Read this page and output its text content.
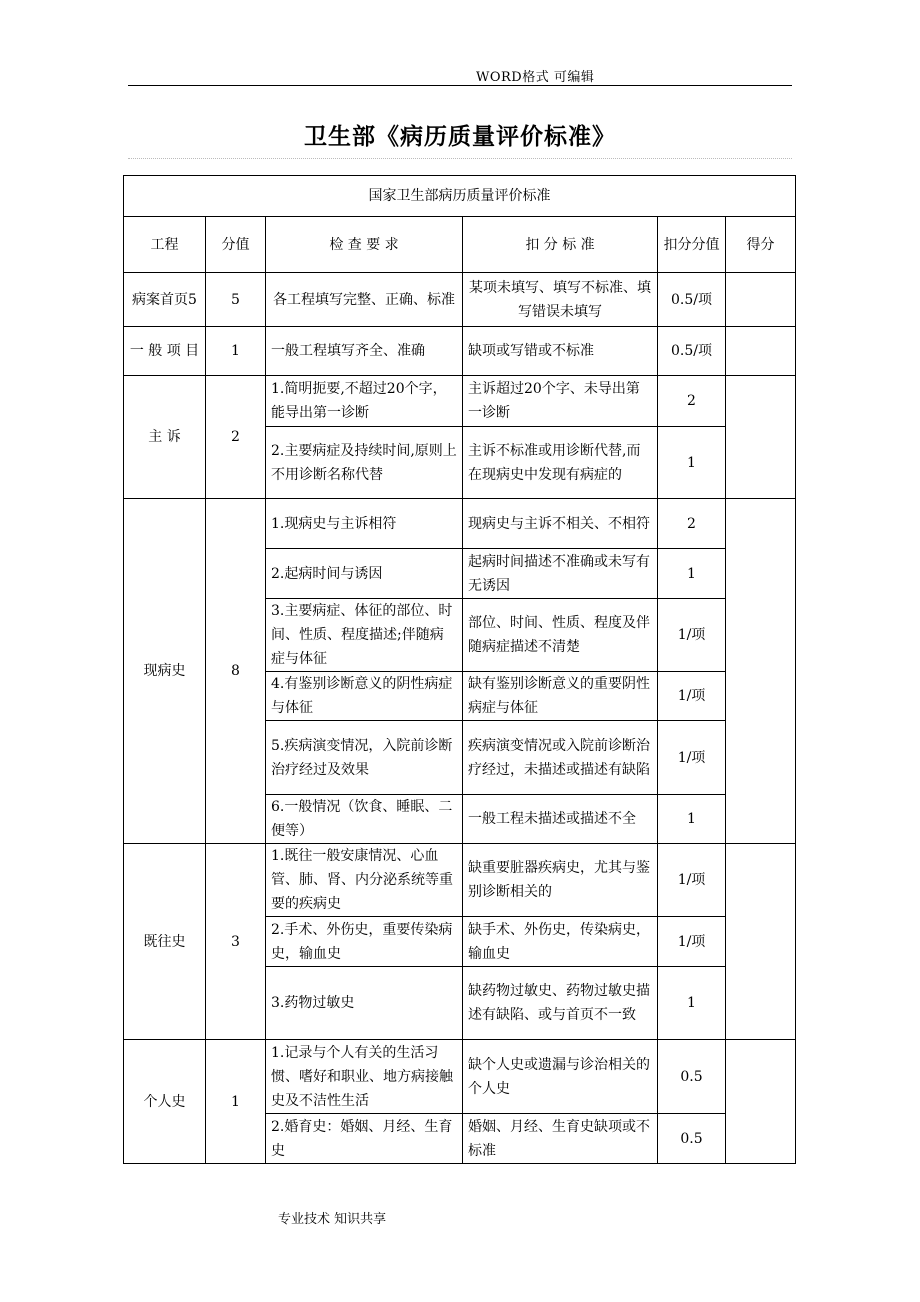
WORD格式 可编辑
卫生部《病历质量评价标准》
国家卫生部病历质量评价标准					
工程	分值	检 查 要 求	扣 分 标 准	扣分分值	得分
病案首页5	5	各工程填写完整、正确、标准	某项未填写、填写不标准、填写错误未填写	0.5/项	
一 般 项 目	1	一般工程填写齐全、准确	缺项或写错或不标准	0.5/项	
主 诉	2	1.简明扼要,不超过20个字，能导出第一诊断	主诉超过20个字、未导出第一诊断	2	
		2.主要病症及持续时间,原则上不用诊断名称代替	主诉不标准或用诊断代替,而在现病史中发现有病症的	1	
现病史	8	1.现病史与主诉相符	现病史与主诉不相关、不相符	2	
		2.起病时间与诱因	起病时间描述不准确或未写有无诱因	1	
		3.主要病症、体征的部位、时间、性质、程度描述;伴随病症与体征	部位、时间、性质、程度及伴随病症描述不清楚	1/项	
		4.有鉴别诊断意义的阴性病症与体征	缺有鉴别诊断意义的重要阴性病症与体征	1/项	
		5.疾病演变情况，入院前诊断治疗经过及效果	疾病演变情况或入院前诊断治疗经过，未描述或描述有缺陷	1/项	
		6.一般情况（饮食、睡眠、二便等）	一般工程未描述或描述不全	1	
既往史	3	1.既往一般安康情况、心血管、肺、肾、内分泌系统等重要的疾病史	缺重要脏器疾病史，尤其与鉴别诊断相关的	1/项	
		2.手术、外伤史，重要传染病史，输血史	缺手术、外伤史，传染病史，输血史	1/项	
		3.药物过敏史	缺药物过敏史、药物过敏史描述有缺陷、或与首页不一致	1	
个人史	1	1.记录与个人有关的生活习惯、嗜好和职业、地方病接触史及不洁性生活	缺个人史或遗漏与诊治相关的个人史	0.5	
		2.婚育史：婚姻、月经、生育史	婚姻、月经、生育史缺项或不标准	0.5	
专业技术 知识共享
